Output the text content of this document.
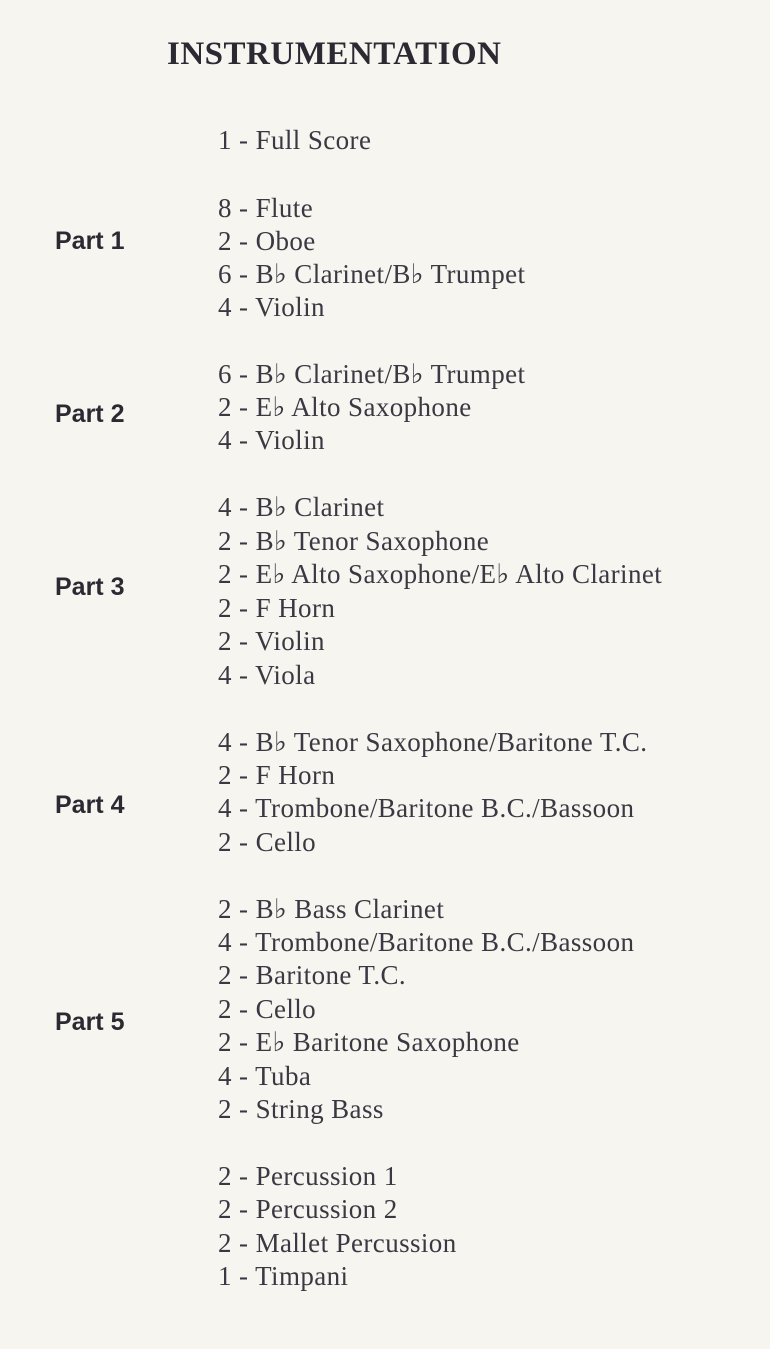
INSTRUMENTATION
1 - Full Score
Part 1
8 - Flute
2 - Oboe
6 - B♭ Clarinet/B♭ Trumpet
4 - Violin
Part 2
6 - B♭ Clarinet/B♭ Trumpet
2 - E♭ Alto Saxophone
4 - Violin
Part 3
4 - B♭ Clarinet
2 - B♭ Tenor Saxophone
2 - E♭ Alto Saxophone/E♭ Alto Clarinet
2 - F Horn
2 - Violin
4 - Viola
Part 4
4 - B♭ Tenor Saxophone/Baritone T.C.
2 - F Horn
4 - Trombone/Baritone B.C./Bassoon
2 - Cello
Part 5
2 - B♭ Bass Clarinet
4 - Trombone/Baritone B.C./Bassoon
2 - Baritone T.C.
2 - Cello
2 - E♭ Baritone Saxophone
4 - Tuba
2 - String Bass
2 - Percussion 1
2 - Percussion 2
2 - Mallet Percussion
1 - Timpani
